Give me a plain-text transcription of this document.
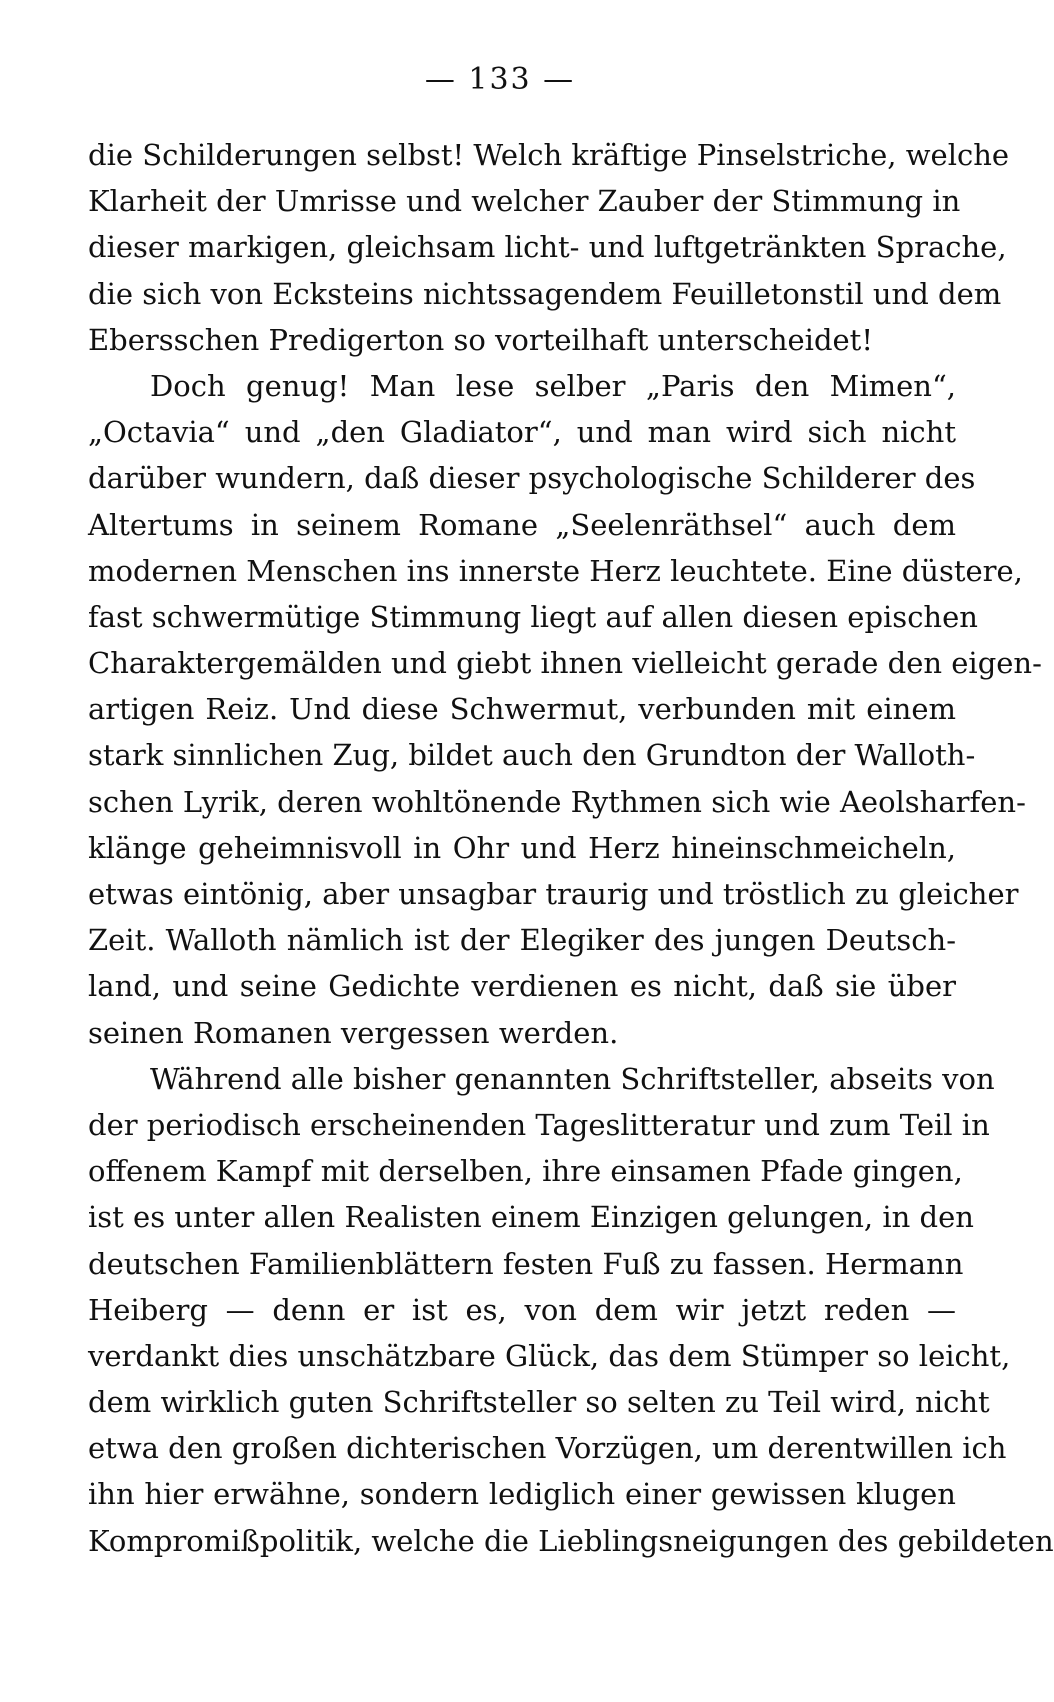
— 133 —
die Schilderungen selbst! Welch kräftige Pinselstriche, welche
Klarheit der Umrisse und welcher Zauber der Stimmung in
dieser markigen, gleichsam licht- und luftgetränkten Sprache,
die sich von Ecksteins nichtssagendem Feuilletonstil und dem
Ebersschen Predigerton so vorteilhaft unterscheidet!
Doch genug! Man lese selber „Paris den Mimen“,
„Octavia“ und „den Gladiator“, und man wird sich nicht
darüber wundern, daß dieser psychologische Schilderer des
Altertums in seinem Romane „Seelenräthsel“ auch dem
modernen Menschen ins innerste Herz leuchtete. Eine düstere,
fast schwermütige Stimmung liegt auf allen diesen epischen
Charaktergemälden und giebt ihnen vielleicht gerade den eigen-
artigen Reiz. Und diese Schwermut, verbunden mit einem
stark sinnlichen Zug, bildet auch den Grundton der Walloth-
schen Lyrik, deren wohltönende Rythmen sich wie Aeolsharfen-
klänge geheimnisvoll in Ohr und Herz hineinschmeicheln,
etwas eintönig, aber unsagbar traurig und tröstlich zu gleicher
Zeit. Walloth nämlich ist der Elegiker des jungen Deutsch-
land, und seine Gedichte verdienen es nicht, daß sie über
seinen Romanen vergessen werden.
Während alle bisher genannten Schriftsteller, abseits von
der periodisch erscheinenden Tageslitteratur und zum Teil in
offenem Kampf mit derselben, ihre einsamen Pfade gingen,
ist es unter allen Realisten einem Einzigen gelungen, in den
deutschen Familienblättern festen Fuß zu fassen. Hermann
Heiberg — denn er ist es, von dem wir jetzt reden —
verdankt dies unschätzbare Glück, das dem Stümper so leicht,
dem wirklich guten Schriftsteller so selten zu Teil wird, nicht
etwa den großen dichterischen Vorzügen, um derentwillen ich
ihn hier erwähne, sondern lediglich einer gewissen klugen
Kompromißpolitik, welche die Lieblingsneigungen des gebildeten
